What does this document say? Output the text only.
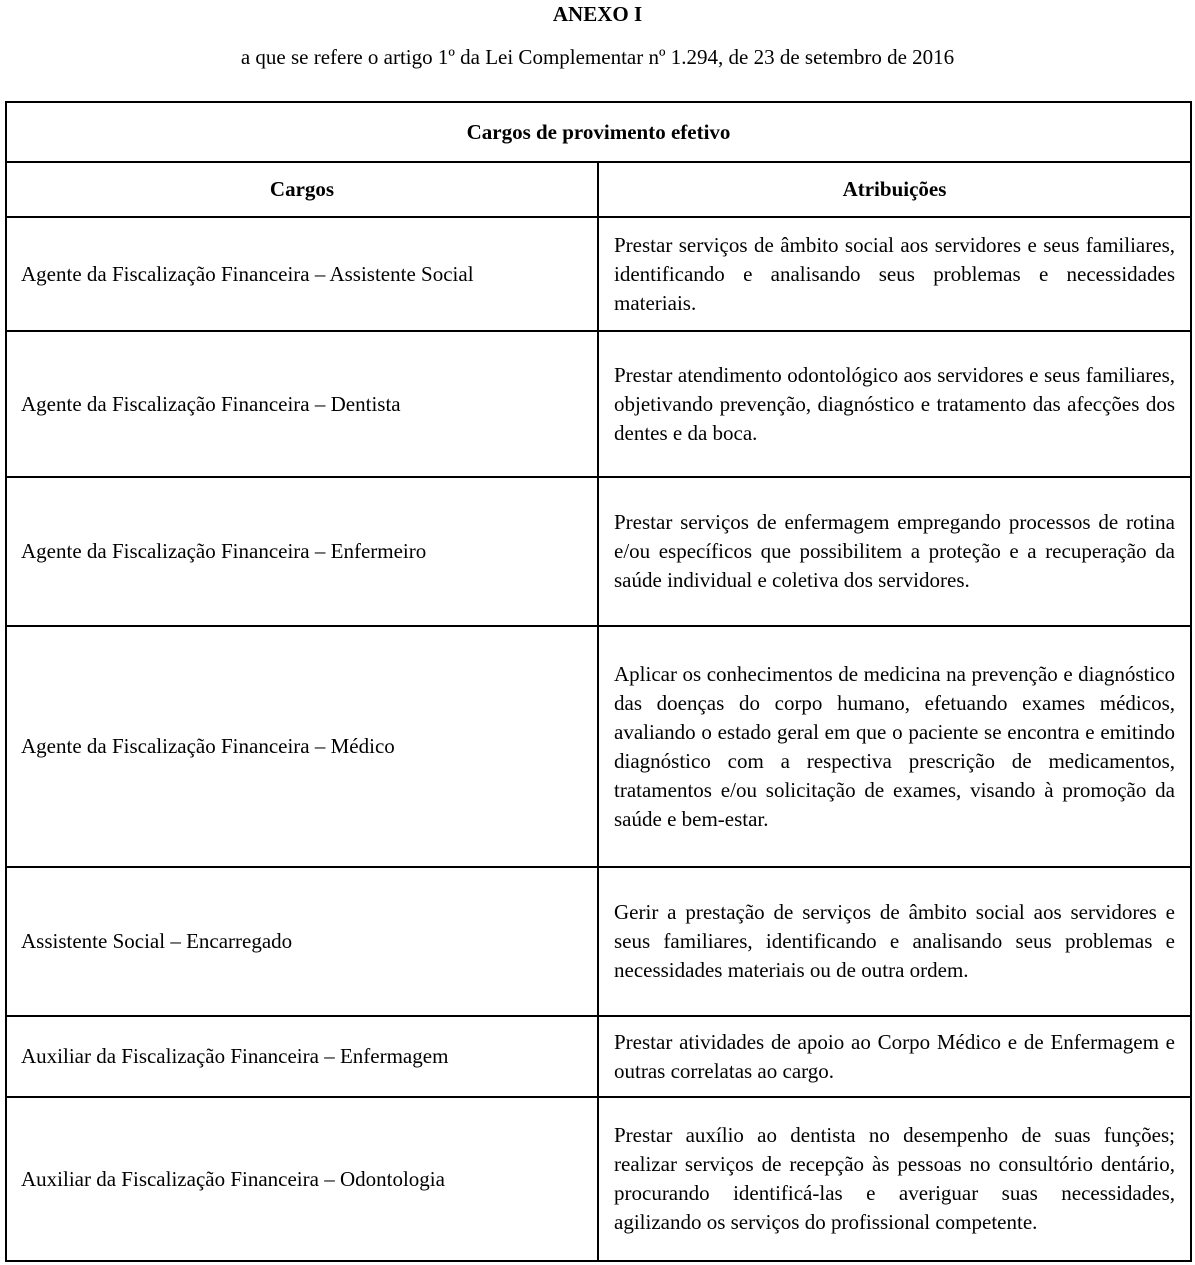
ANEXO I
a que se refere o artigo 1º da Lei Complementar nº 1.294, de 23 de setembro de 2016
Cargos de provimento efetivo	
Cargos	Atribuições
Agente da Fiscalização Financeira – Assistente Social	Prestar serviços de âmbito social aos servidores e seus familiares, identificando e analisando seus problemas e necessidades materiais.
Agente da Fiscalização Financeira – Dentista	Prestar atendimento odontológico aos servidores e seus familiares, objetivando prevenção, diagnóstico e tratamento das afecções dos dentes e da boca.
Agente da Fiscalização Financeira – Enfermeiro	Prestar serviços de enfermagem empregando processos de rotina e/ou específicos que possibilitem a proteção e a recuperação da saúde individual e coletiva dos servidores.
Agente da Fiscalização Financeira – Médico	Aplicar os conhecimentos de medicina na prevenção e diagnóstico das doenças do corpo humano, efetuando exames médicos, avaliando o estado geral em que o paciente se encontra e emitindo diagnóstico com a respectiva prescrição de medicamentos, tratamentos e/ou solicitação de exames, visando à promoção da saúde e bem-estar.
Assistente Social – Encarregado	Gerir a prestação de serviços de âmbito social aos servidores e seus familiares, identificando e analisando seus problemas e necessidades materiais ou de outra ordem.
Auxiliar da Fiscalização Financeira – Enfermagem	Prestar atividades de apoio ao Corpo Médico e de Enfermagem e outras correlatas ao cargo.
Auxiliar da Fiscalização Financeira – Odontologia	Prestar auxílio ao dentista no desempenho de suas funções; realizar serviços de recepção às pessoas no consultório dentário, procurando identificá-las e averiguar suas necessidades, agilizando os serviços do profissional competente.
